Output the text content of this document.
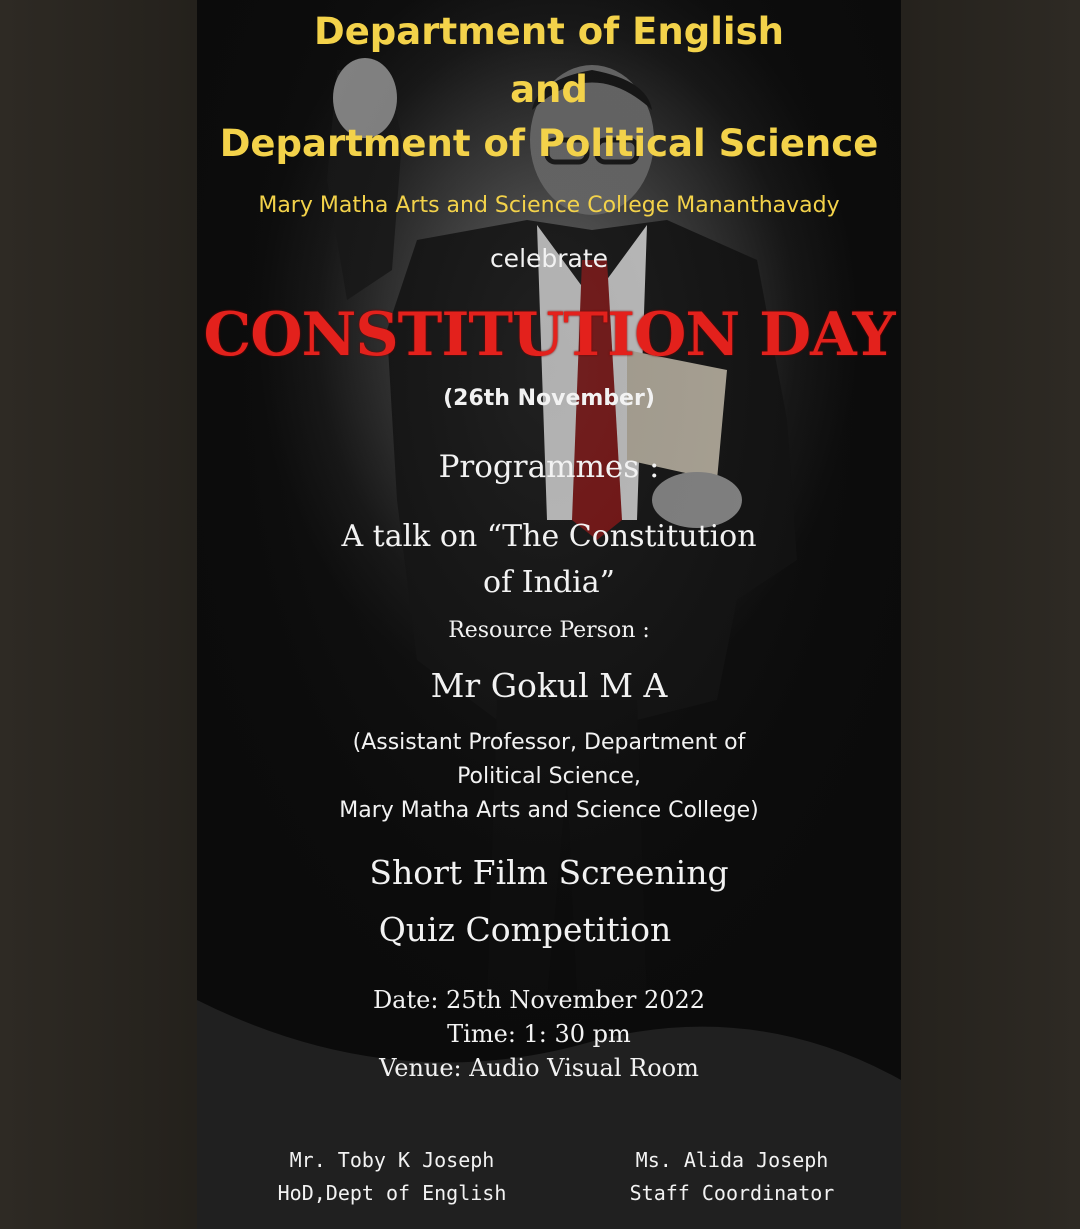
Department of English

and

Department of Political Science

Mary Matha Arts and Science College Mananthavady

celebrate

CONSTITUTION DAY

(26th November)

Programmes :

A talk on “The Constitution
of India”

Resource Person :

Mr Gokul M A

(Assistant Professor, Department of
Political Science,
Mary Matha Arts and Science College)

Short Film Screening

Quiz Competition

Date: 25th November 2022
Time: 1: 30 pm
Venue: Audio Visual Room
Mr. Toby K Joseph
HoD,Dept of English
Ms. Alida Joseph
Staff Coordinator
